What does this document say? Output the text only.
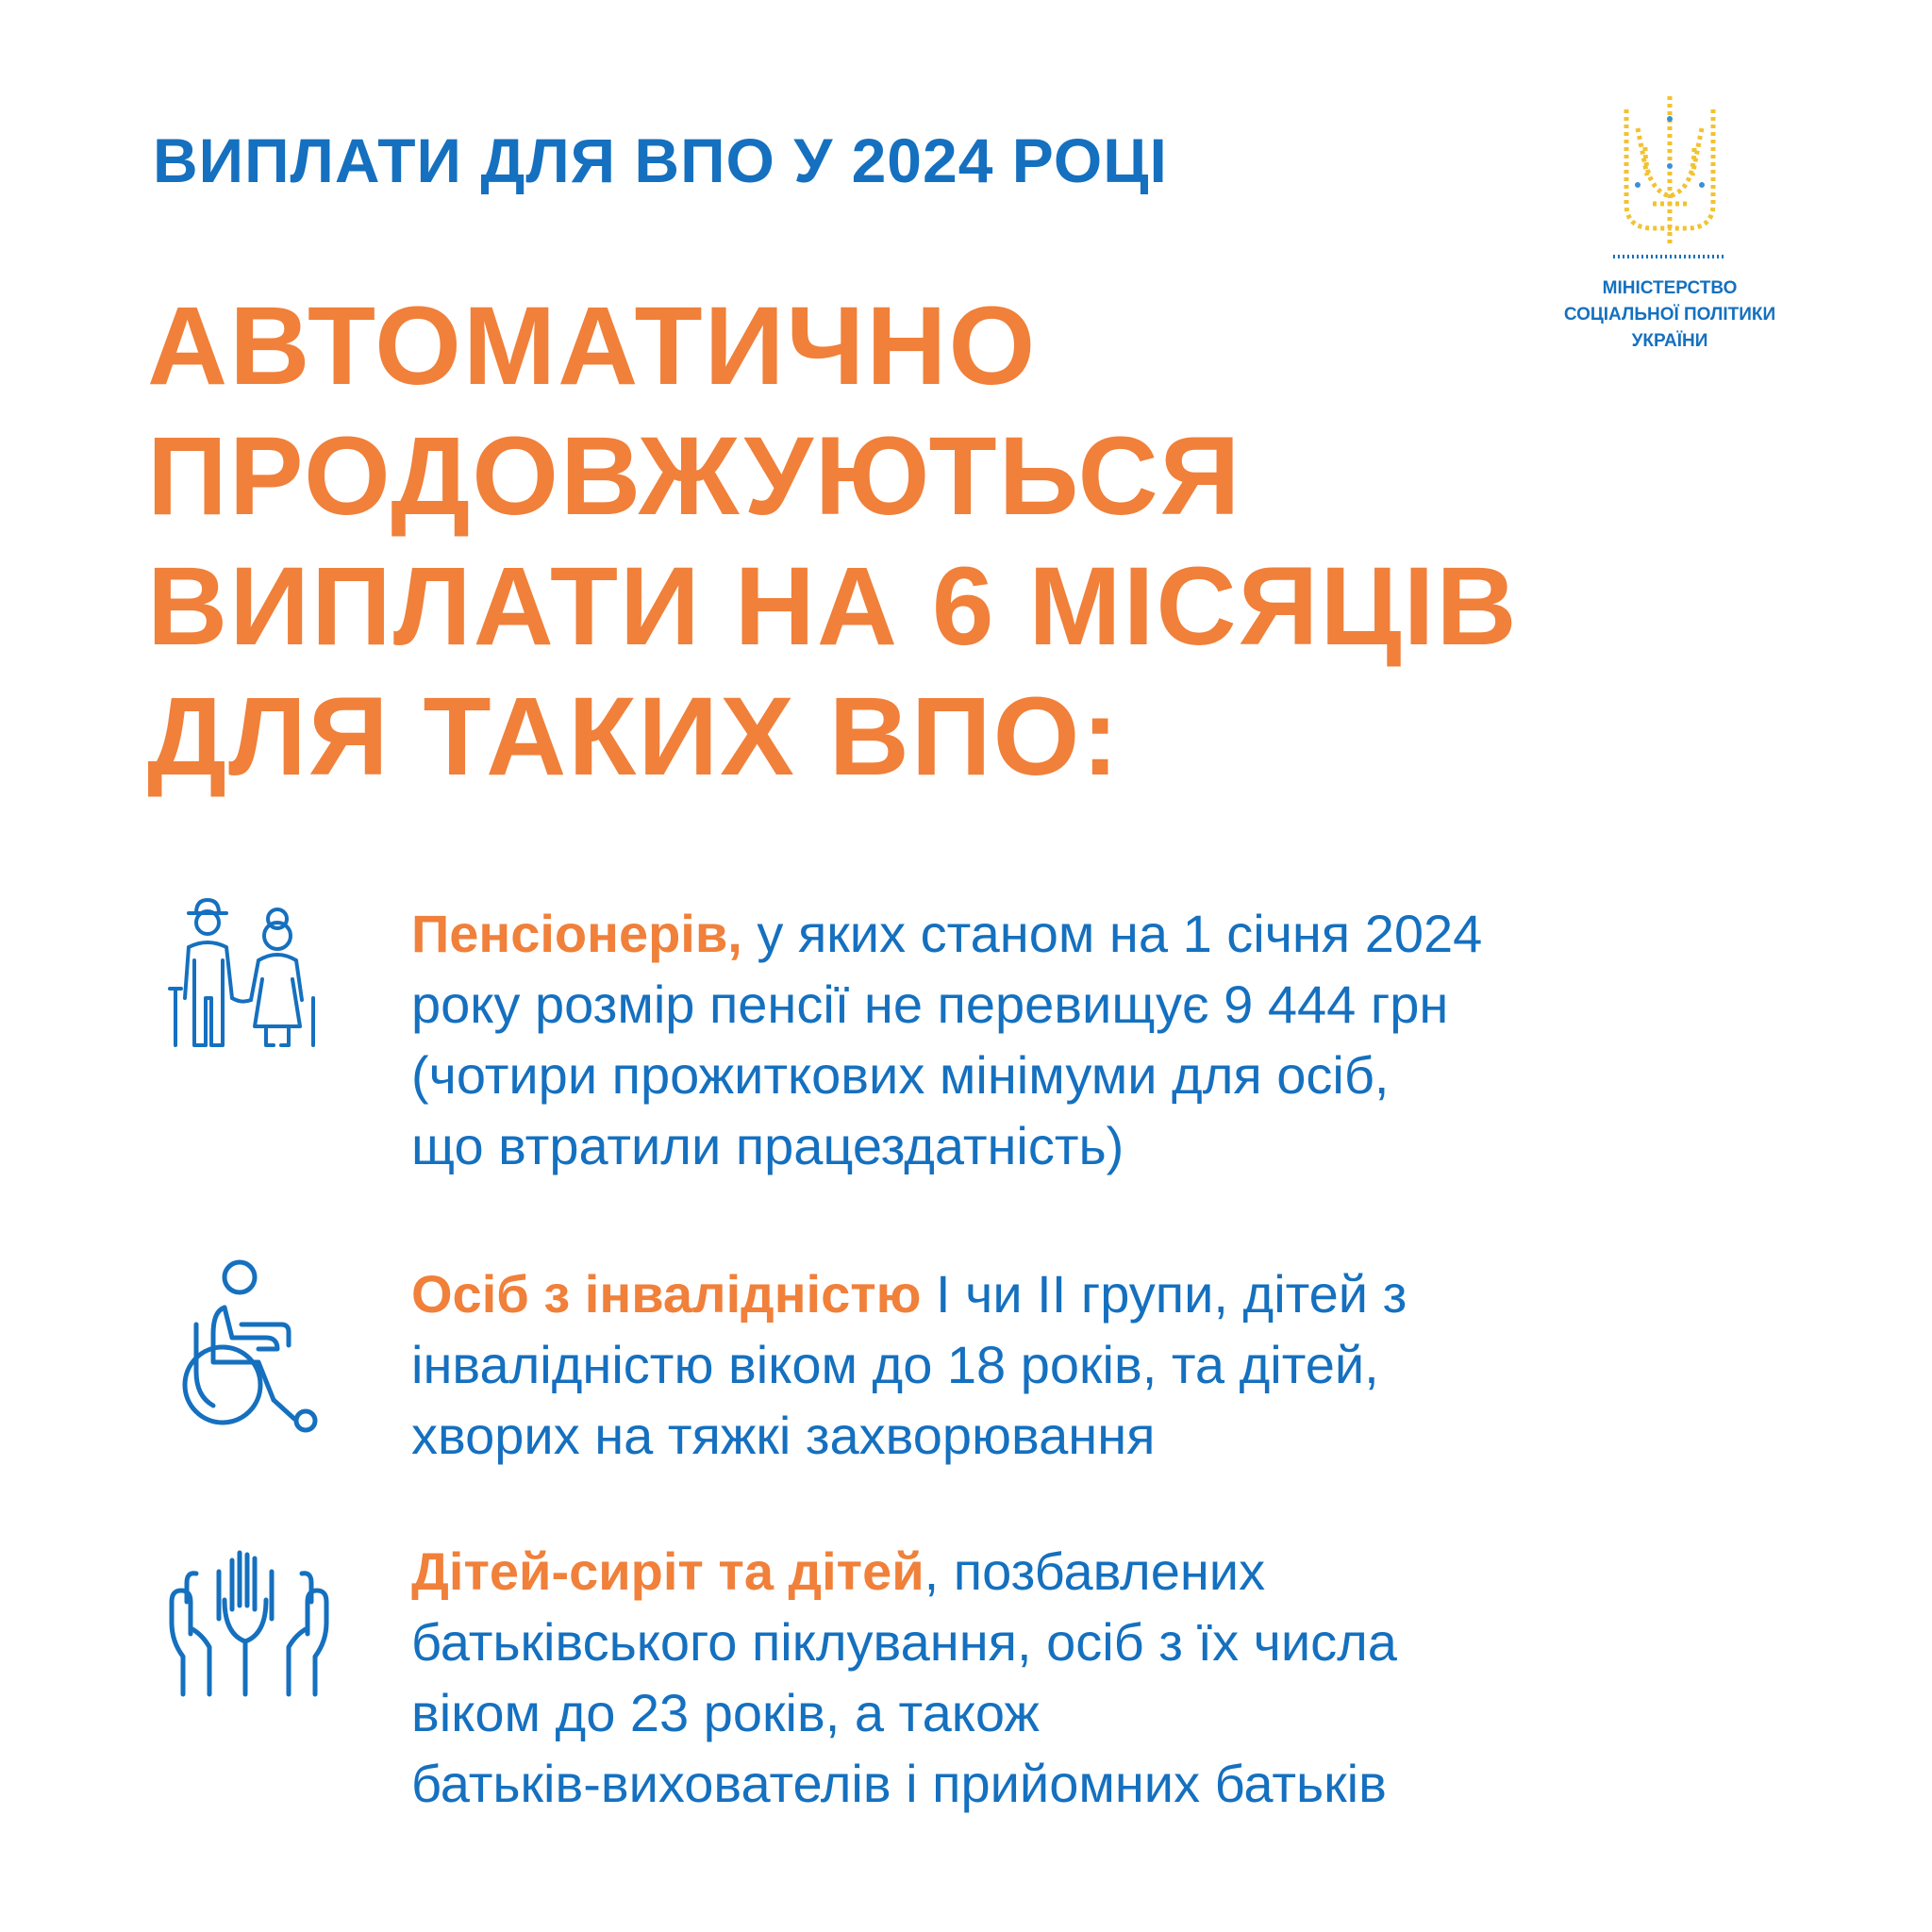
ВИПЛАТИ ДЛЯ ВПО У 2024 РОЦІ
АВТОМАТИЧНО
ПРОДОВЖУЮТЬСЯ
ВИПЛАТИ НА 6 МІСЯЦІВ
ДЛЯ ТАКИХ ВПО:
МІНІСТЕРСТВО
СОЦІАЛЬНОЇ ПОЛІТИКИ
УКРАЇНИ
Пенсіонерів, у яких станом на 1 січня 2024
року розмір пенсії не перевищує 9 444 грн
(чотири прожиткових мінімуми для осіб,
що втратили працездатність)
Осіб з інвалідністю І чи ІІ групи, дітей з
інвалідністю віком до 18 років, та дітей,
хворих на тяжкі захворювання
Дітей-сиріт та дітей, позбавлених
батьківського піклування, осіб з їх числа
віком до 23 років, а також
батьків-вихователів і прийомних батьків
